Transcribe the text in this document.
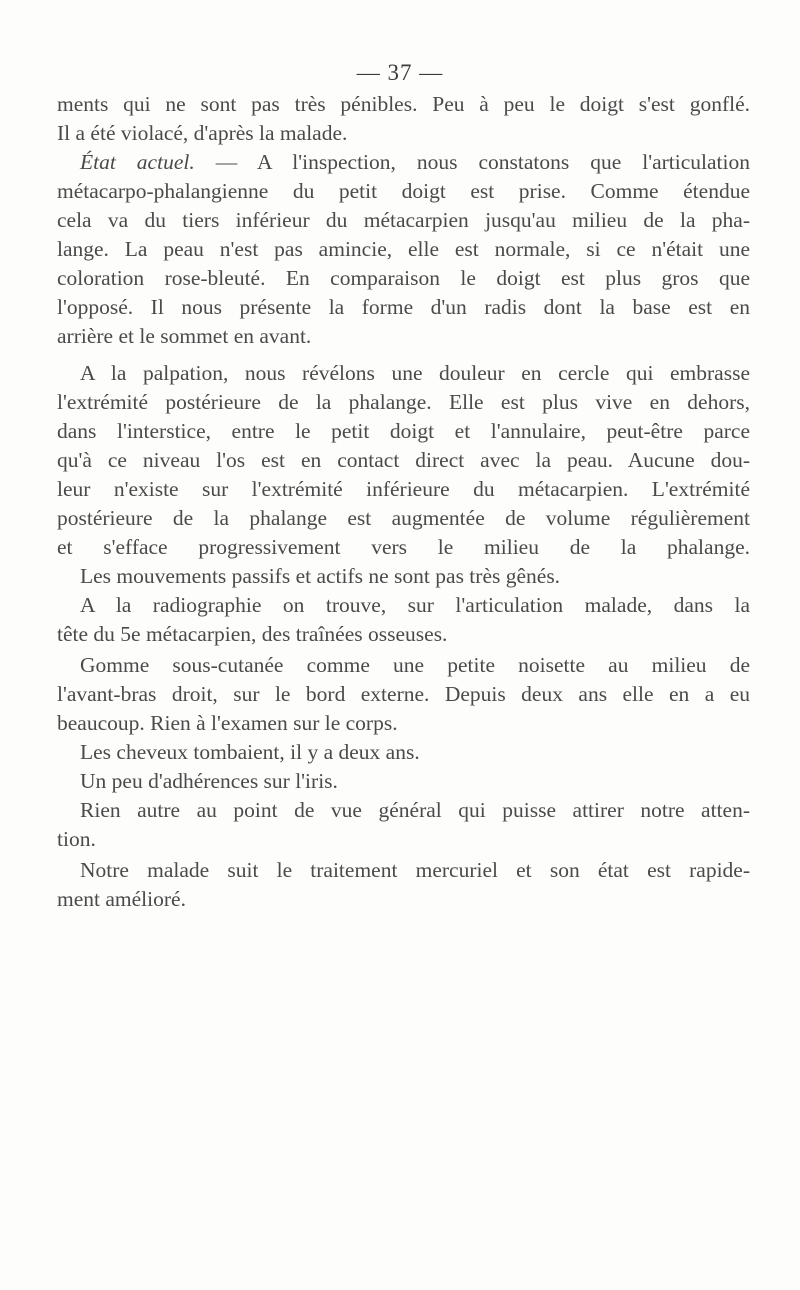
— 37 —
ments qui ne sont pas très pénibles. Peu à peu le doigt s'est gonflé.
Il a été violacé, d'après la malade.
État actuel. — A l'inspection, nous constatons que l'articulation
métacarpo-phalangienne du petit doigt est prise. Comme étendue
cela va du tiers inférieur du métacarpien jusqu'au milieu de la pha-
lange. La peau n'est pas amincie, elle est normale, si ce n'était une
coloration rose-bleuté. En comparaison le doigt est plus gros que
l'opposé. Il nous présente la forme d'un radis dont la base est en
arrière et le sommet en avant.
A la palpation, nous révélons une douleur en cercle qui embrasse
l'extrémité postérieure de la phalange. Elle est plus vive en dehors,
dans l'interstice, entre le petit doigt et l'annulaire, peut-être parce
qu'à ce niveau l'os est en contact direct avec la peau. Aucune dou-
leur n'existe sur l'extrémité inférieure du métacarpien. L'extrémité
postérieure de la phalange est augmentée de volume régulièrement
et s'efface progressivement vers le milieu de la phalange.
Les mouvements passifs et actifs ne sont pas très gênés.
A la radiographie on trouve, sur l'articulation malade, dans la
tête du 5e métacarpien, des traînées osseuses.
Gomme sous-cutanée comme une petite noisette au milieu de
l'avant-bras droit, sur le bord externe. Depuis deux ans elle en a eu
beaucoup. Rien à l'examen sur le corps.
Les cheveux tombaient, il y a deux ans.
Un peu d'adhérences sur l'iris.
Rien autre au point de vue général qui puisse attirer notre atten-
tion.
Notre malade suit le traitement mercuriel et son état est rapide-
ment amélioré.
